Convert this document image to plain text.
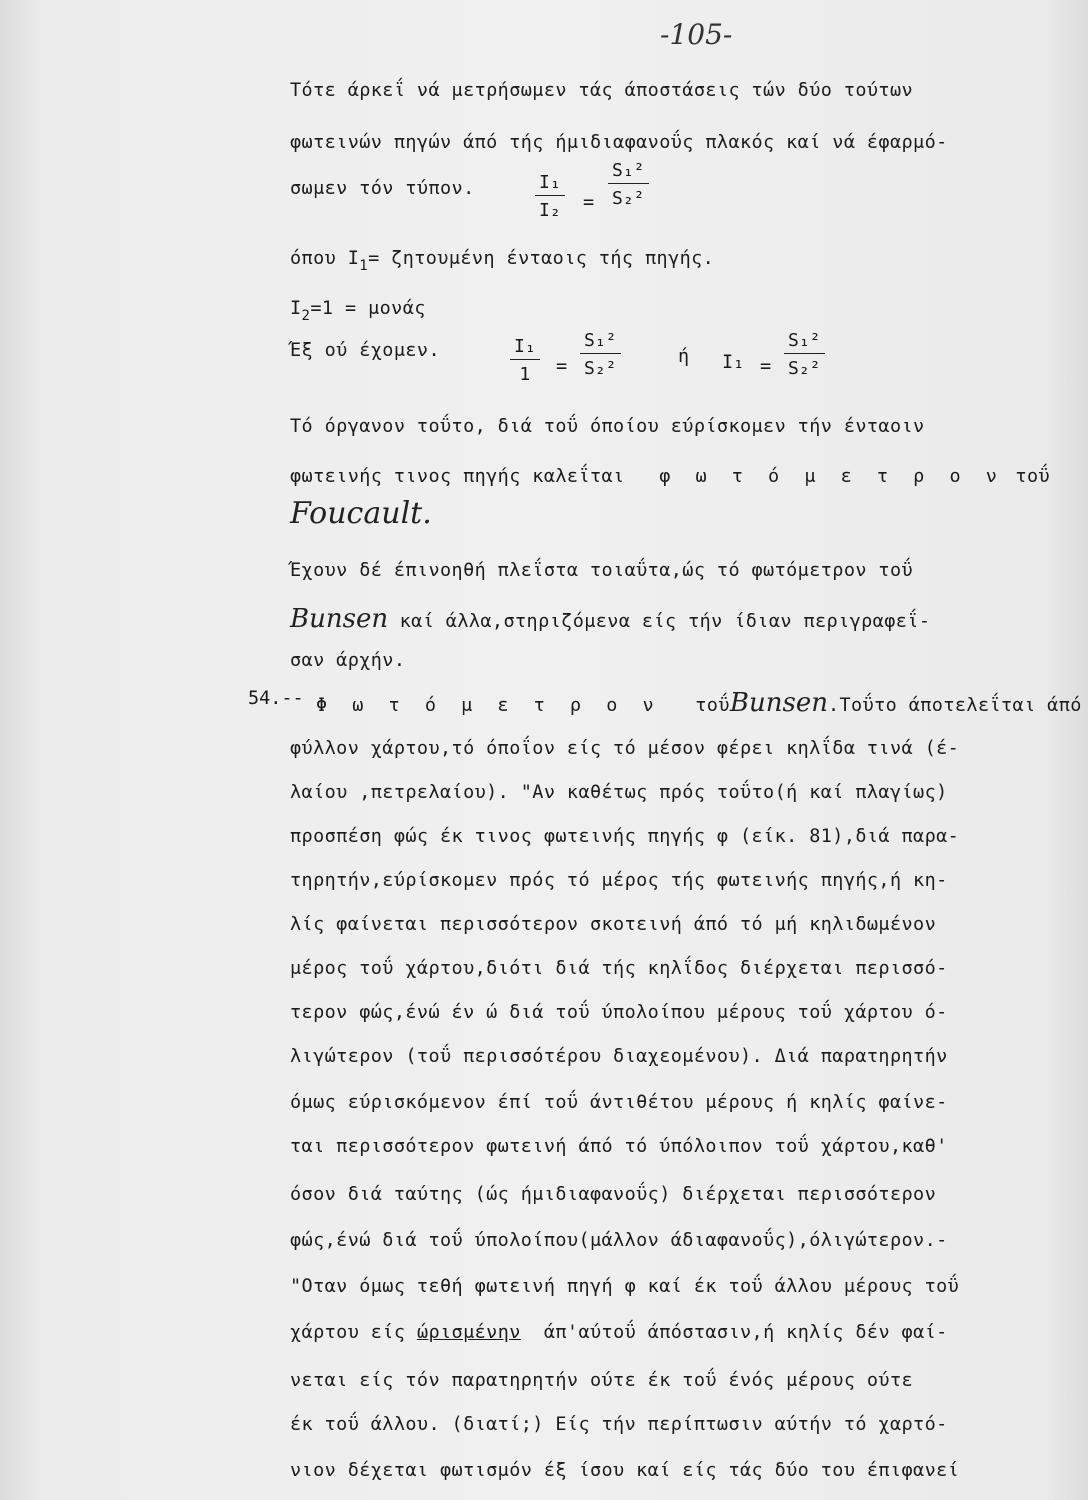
-105-
Τότε άρκεΐ νά μετρήσωμεν τάς άποστάσεις τών δύο τούτων
φωτεινών πηγών άπό τής ήμιδιαφανοΰς πλακός καί νά έφαρμό-
σωμεν τόν τύπον.	$\frac{\text{I₁}}{\text{I₂}} = \frac{\text{S₁²}}{\text{S₂²}}$
όπου $I_1= \zeta\eta\tau o\upsilon\mu έ\nu\eta$ ένταοις τής πηγής.
$I_2=1 = \mu o\nu ά\varsigma$
Έξ ού έχομεν.	$\frac{\text{I₁}}{1} = \frac{\text{S₁²}}{\text{S₂²}}$	ή $I_1 = \frac{\text{S₁²}}{\text{S₂²}}$
Τό όργανον τοΰτο, διά τοΰ όποίου εύρίσκομεν τήν ένταοιν
φωτεινής τινος πηγής καλεΐται φ ω τ ό μ ε τ ρ ο ν τοΰ
Foucault.
Έχουν δέ έπινοηθή πλεΐστα τοιαΰτα,ώς τό φωτόμετρον τοΰ
Bunsen καί άλλα,στηριζόμενα είς τήν ίδιαν περιγραφεΐ-
σαν άρχήν.
54.-- Φ ω τ ό μ ε τ ρ ο ν τοΰBunsen.Τοΰτο άποτελεΐται άπό
φύλλον χάρτου,τό όποΐον είς τό μέσον φέρει κηλΐδα τινά (έ-
λαίου ,πετρελαίου). "Αν καθέτως πρός τοΰτο(ή καί πλαγίως)
προσπέση φώς έκ τινος φωτεινής πηγής φ (είκ. 81),διά παρα-
τηρητήν,εύρίσκομεν πρός τό μέρος τής φωτεινής πηγής,ή κη-
λίς φαίνεται περισσότερον σκοτεινή άπό τό μή κηλιδωμένον
μέρος τοΰ χάρτου,διότι διά τής κηλΐδος διέρχεται περισσό-
τερον φώς,ένώ έν ώ διά τοΰ ύπολοίπου μέρους τοΰ χάρτου ό-
λιγώτερον (τοΰ περισσότέρου διαχεομένου). Διά παρατηρητήν
όμως εύρισκόμενον έπί τοΰ άντιθέτου μέρους ή κηλίς φαίνε-
ται περισσότερον φωτεινή άπό τό ύπόλοιπον τοΰ χάρτου,καθ'
όσον διά ταύτης (ώς ήμιδιαφανοΰς) διέρχεται περισσότερον
φώς,ένώ διά τοΰ ύπολοίπου(μάλλον άδιαφανοΰς),όλιγώτερον.-
"Οταν όμως τεθή φωτεινή πηγή φ καί έκ τοΰ άλλου μέρους τοΰ
χάρτου είς ώρισμένην άπ'αύτοΰ άπόστασιν,ή κηλίς δέν φαί-
νεται είς τόν παρατηρητήν ούτε έκ τοΰ ένός μέρους ούτε
έκ τοΰ άλλου. (διατί;) Είς τήν περίπτωσιν αύτήν τό χαρτό-
νιον δέχεται φωτισμόν έξ ίσου καί είς τάς δύο του έπιφανεί
